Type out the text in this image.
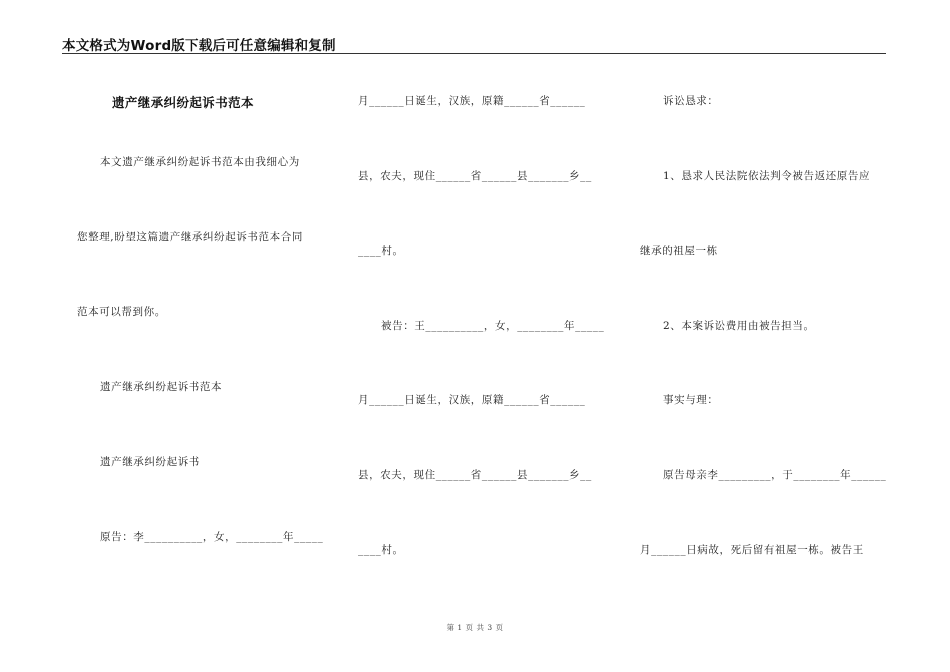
本文格式为Word版下载后可任意编辑和复制
遗产继承纠纷起诉书范本
本文遗产继承纠纷起诉书范本由我细心为
您整理,盼望这篇遗产继承纠纷起诉书范本合同
范本可以帮到你。
遗产继承纠纷起诉书范本
遗产继承纠纷起诉书
原告：李__________，女，________年_____
月______日诞生，汉族，原籍______省______
县，农夫，现住______省______县_______乡__
____村。
被告：王__________，女，________年_____
月______日诞生，汉族，原籍______省______
县，农夫，现住______省______县_______乡__
____村。
诉讼恳求：
1、恳求人民法院依法判令被告返还原告应
继承的祖屋一栋
2、本案诉讼费用由被告担当。
事实与理：
原告母亲李_________，于________年______
月______日病故，死后留有祖屋一栋。被告王
第 1 页 共 3 页
